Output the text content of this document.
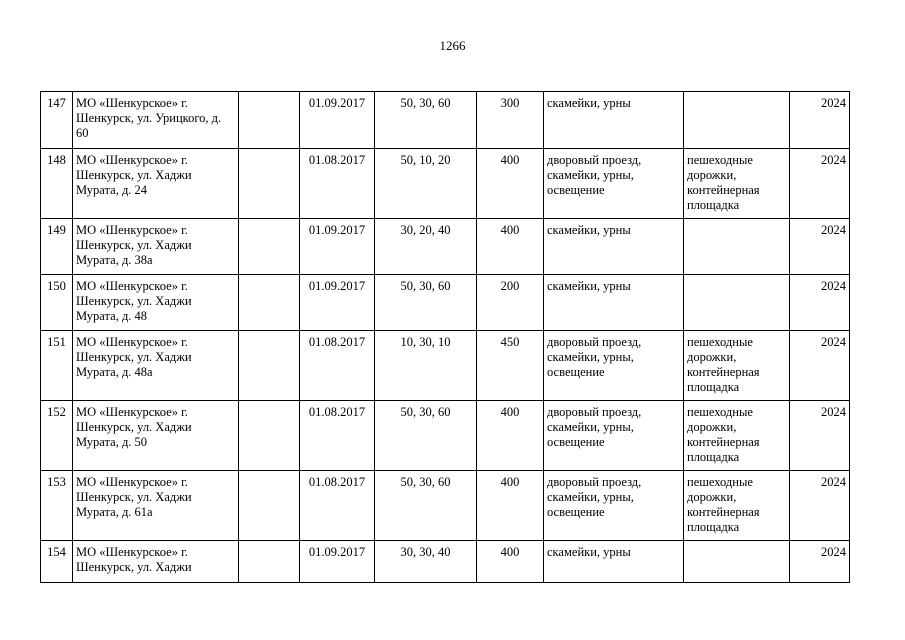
1266
147	МО «Шенкурское» г. Шенкурск, ул. Урицкого, д. 60		01.09.2017	50, 30, 60	300	скамейки, урны		2024
148	МО «Шенкурское» г. Шенкурск, ул. Хаджи Мурата, д. 24		01.08.2017	50, 10, 20	400	дворовый проезд, скамейки, урны, освещение	пешеходные дорожки, контейнерная площадка	2024
149	МО «Шенкурское» г. Шенкурск, ул. Хаджи Мурата, д. 38а		01.09.2017	30, 20, 40	400	скамейки, урны		2024
150	МО «Шенкурское» г. Шенкурск, ул. Хаджи Мурата, д. 48		01.09.2017	50, 30, 60	200	скамейки, урны		2024
151	МО «Шенкурское» г. Шенкурск, ул. Хаджи Мурата, д. 48а		01.08.2017	10, 30, 10	450	дворовый проезд, скамейки, урны, освещение	пешеходные дорожки, контейнерная площадка	2024
152	МО «Шенкурское» г. Шенкурск, ул. Хаджи Мурата, д. 50		01.08.2017	50, 30, 60	400	дворовый проезд, скамейки, урны, освещение	пешеходные дорожки, контейнерная площадка	2024
153	МО «Шенкурское» г. Шенкурск, ул. Хаджи Мурата, д. 61а		01.08.2017	50, 30, 60	400	дворовый проезд, скамейки, урны, освещение	пешеходные дорожки, контейнерная площадка	2024
154	МО «Шенкурское» г. Шенкурск, ул. Хаджи		01.09.2017	30, 30, 40	400	скамейки, урны		2024
